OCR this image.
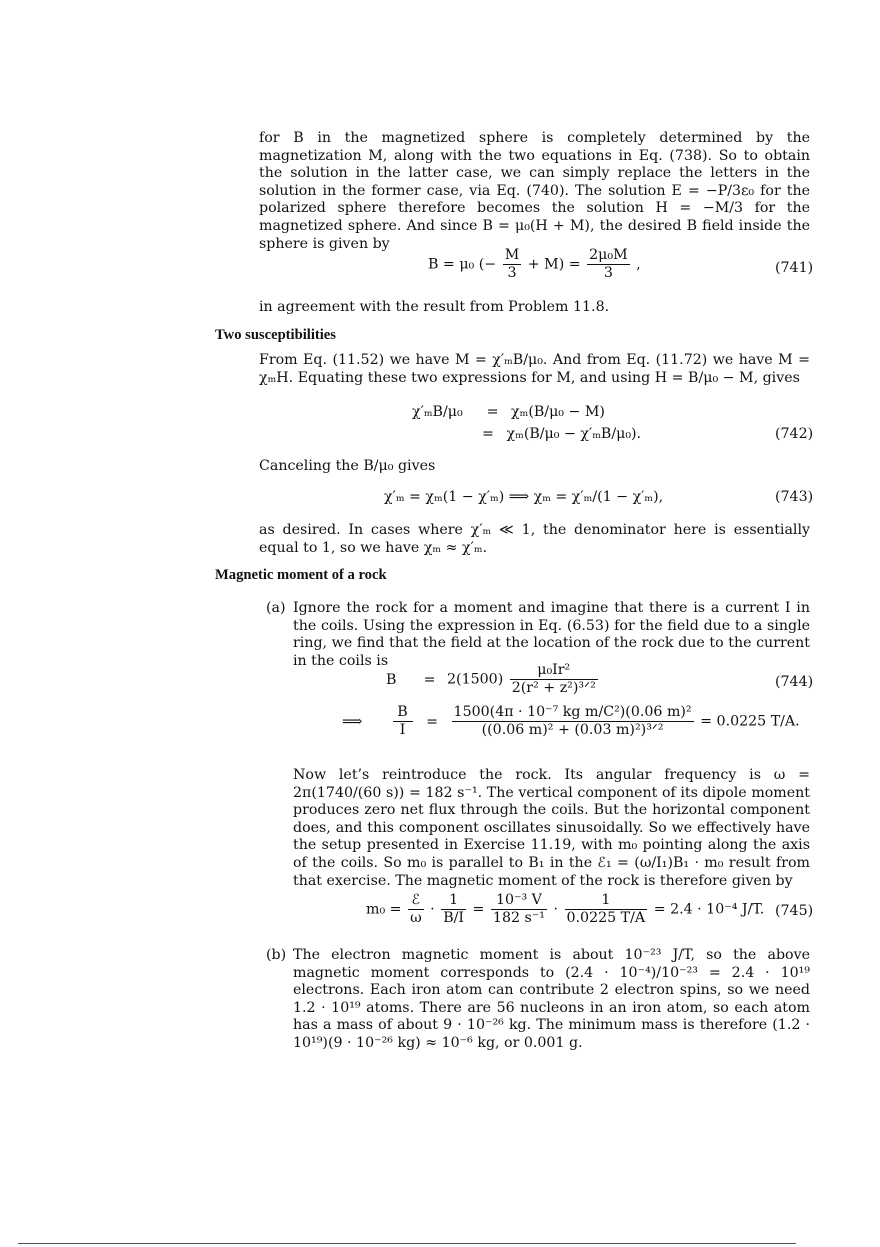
for B in the magnetized sphere is completely determined by the magnetization M, along with the two equations in Eq. (738). So to obtain the solution in the latter case, we can simply replace the letters in the solution in the former case, via Eq. (740). The solution E = −P/3ε₀ for the polarized sphere therefore becomes the solution H = −M/3 for the magnetized sphere. And since B = μ₀(H + M), the desired B field inside the sphere is given by

B = μ₀ (− $\frac{M}{3} + M) = \frac{\text{2μ₀M}}{3}$ ,	(741)

in agreement with the result from Problem 11.8.

Two susceptibilities

From Eq. (11.52) we have M = χ′ₘB/μ₀. And from Eq. (11.72) we have M = χₘH. Equating these two expressions for M, and using H = B/μ₀ − M, gives

χ′ₘB/μ₀ = χₘ(B/μ₀ − M)
= χₘ(B/μ₀ − χ′ₘB/μ₀).	(742)

Canceling the B/μ₀ gives

χ′ₘ = χₘ(1 − χ′ₘ) ⟹ χₘ = χ′ₘ/(1 − χ′ₘ),	(743)

as desired. In cases where χ′ₘ ≪ 1, the denominator here is essentially equal to 1, so we have χₘ ≈ χ′ₘ.

Magnetic moment of a rock
(a) Ignore the rock for a moment and imagine that there is a current I in the coils. Using the expression in Eq. (6.53) for the field due to a single ring, we find that the field at the location of the rock due to the current in the coils is

$B = 2(1500) \frac{\text{μ₀Ir²}}{\text{2(r² + z²)³ᐟ²}}$	(744)
⟹ $\frac{B}{I} = \frac{\text{1500(4π · 10⁻⁷ kg m/C²)(0.06 m)²}}{\text{((0.06 m)² + (0.03 m)²)³ᐟ²}} = 0.0225$ T/A.

Now let’s reintroduce the rock. Its angular frequency is ω = 2π(1740/(60 s)) = 182 s⁻¹. The vertical component of its dipole moment produces zero net flux through the coils. But the horizontal component does, and this component oscillates sinusoidally. So we effectively have the setup presented in Exercise 11.19, with m₀ pointing along the axis of the coils. So m₀ is parallel to B₁ in the ℰ₁ = (ω/I₁)B₁ · m₀ result from that exercise. The magnetic moment of the rock is therefore given by

$m_0 = \frac{\text{ℰ}}{\omega} \cdot \frac{1}{B/I} = \frac{\text{10⁻³ V}}{\text{182 s⁻¹}} \cdot \frac{1}{0.0225 T/A} = 2.4 \cdot 10^{-4}$ J/T. (745)
(b) The electron magnetic moment is about 10⁻²³ J/T, so the above magnetic moment corresponds to (2.4 · 10⁻⁴)/10⁻²³ = 2.4 · 10¹⁹ electrons. Each iron atom can contribute 2 electron spins, so we need 1.2 · 10¹⁹ atoms. There are 56 nucleons in an iron atom, so each atom has a mass of about 9 · 10⁻²⁶ kg. The minimum mass is therefore (1.2 · 10¹⁹)(9 · 10⁻²⁶ kg) ≈ 10⁻⁶ kg, or 0.001 g.
